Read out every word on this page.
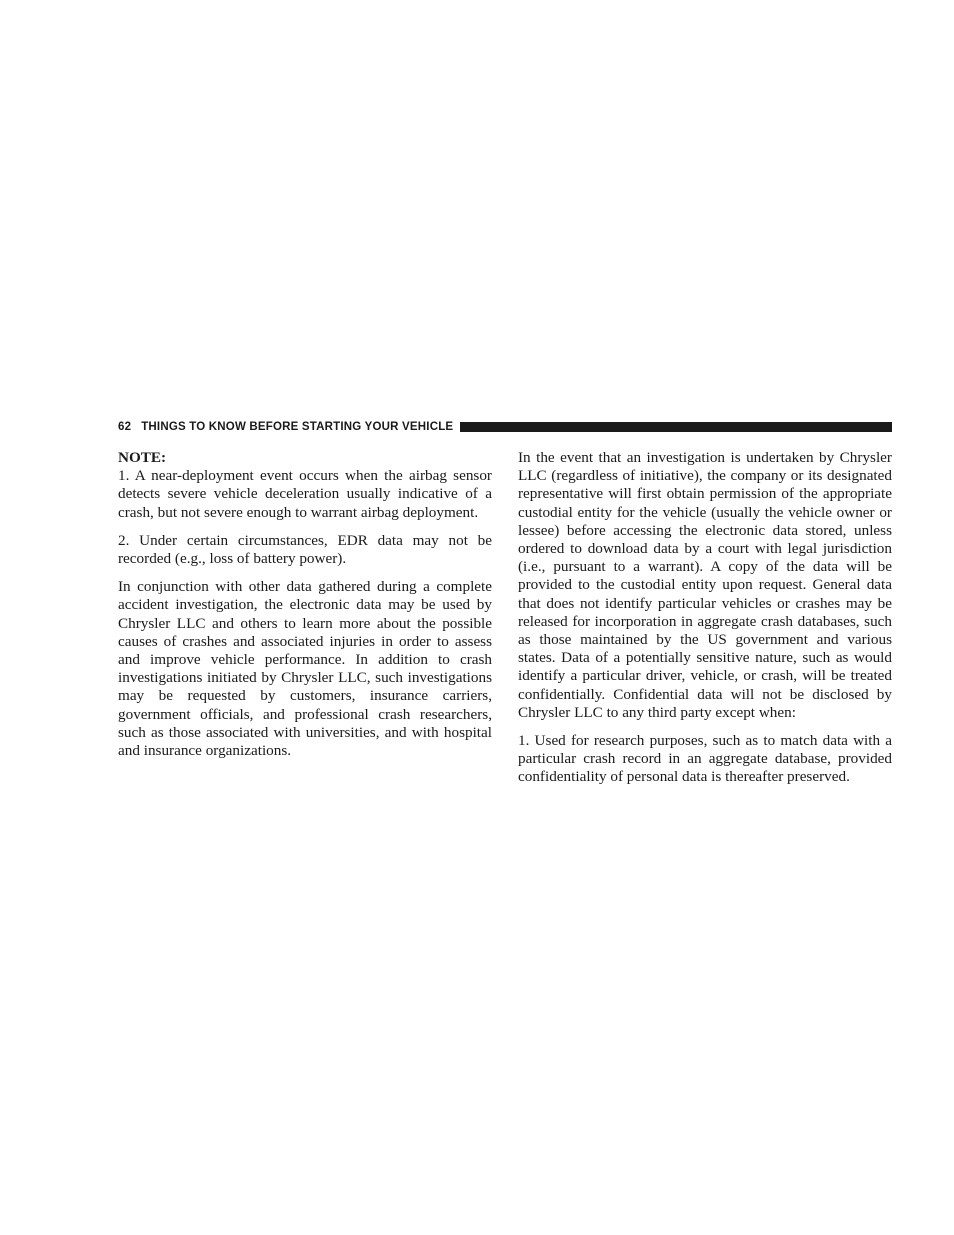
62 THINGS TO KNOW BEFORE STARTING YOUR VEHICLE

NOTE:
1. A near-deployment event occurs when the airbag sensor detects severe vehicle deceleration usually indicative of a crash, but not severe enough to warrant airbag deployment.

2. Under certain circumstances, EDR data may not be recorded (e.g., loss of battery power).

In conjunction with other data gathered during a complete accident investigation, the electronic data may be used by Chrysler LLC and others to learn more about the possible causes of crashes and associated injuries in order to assess and improve vehicle performance. In addition to crash investigations initiated by Chrysler LLC, such investigations may be requested by customers, insurance carriers, government officials, and professional crash researchers, such as those associated with universities, and with hospital and insurance organizations.

In the event that an investigation is undertaken by Chrysler LLC (regardless of initiative), the company or its designated representative will first obtain permission of the appropriate custodial entity for the vehicle (usually the vehicle owner or lessee) before accessing the electronic data stored, unless ordered to download data by a court with legal jurisdiction (i.e., pursuant to a warrant). A copy of the data will be provided to the custodial entity upon request. General data that does not identify particular vehicles or crashes may be released for incorporation in aggregate crash databases, such as those maintained by the US government and various states. Data of a potentially sensitive nature, such as would identify a particular driver, vehicle, or crash, will be treated confidentially. Confidential data will not be disclosed by Chrysler LLC to any third party except when:

1. Used for research purposes, such as to match data with a particular crash record in an aggregate database, provided confidentiality of personal data is thereafter preserved.
